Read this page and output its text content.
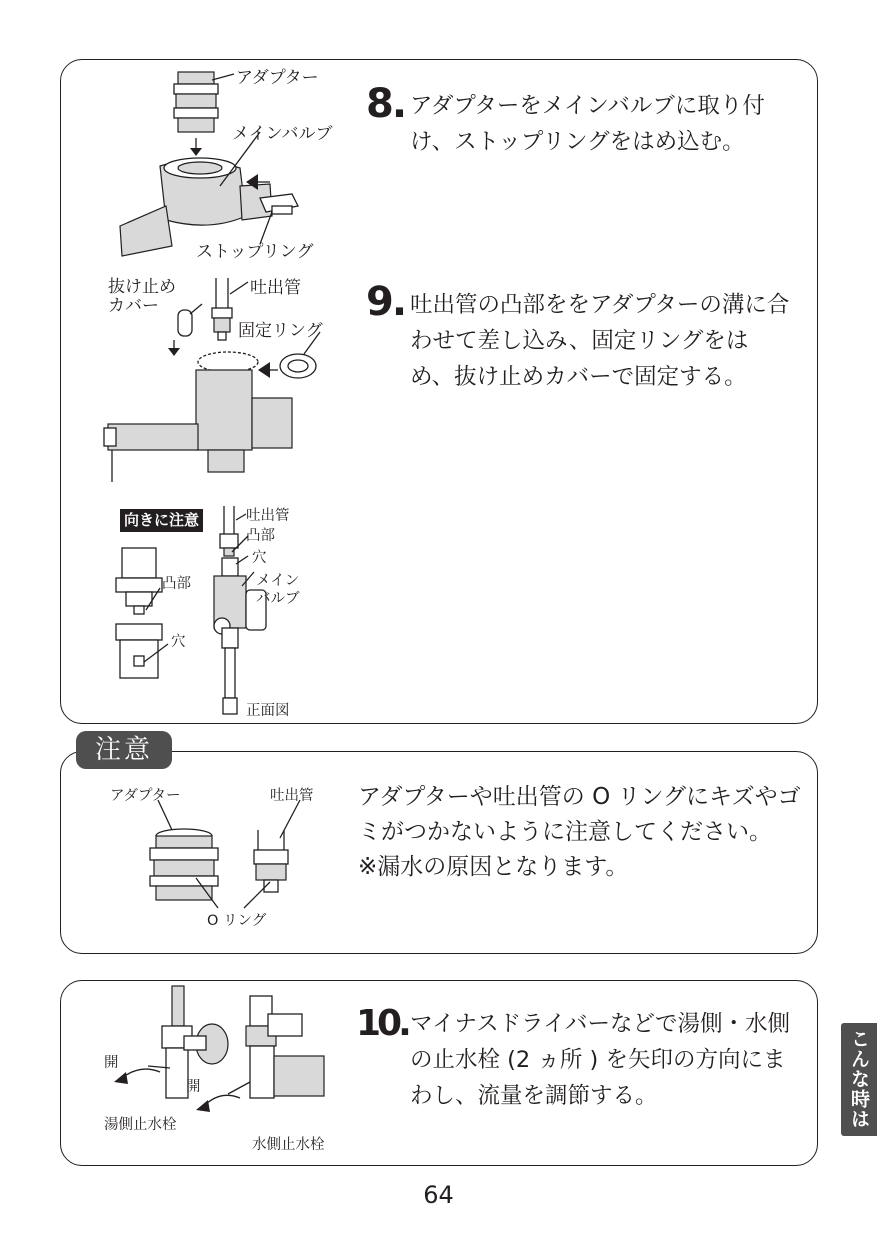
アダプター
メインバルブ
ストップリング
8. アダプターをメインバルブに取り付け、ストップリングをはめ込む。
抜け止め
カバー
吐出管
固定リング
9. 吐出管の凸部ををアダプターの溝に合わせて差し込み、固定リングをはめ、抜け止めカバーで固定する。
向きに注意	吐出管
凸部
穴
メイン
バルブ
凸部
穴
正面図
注意
アダプター	吐出管
O リング
アダプターや吐出管の O リングにキズやゴミがつかないように注意してください。
※漏水の原因となります。
開
開
湯側止水栓
水側止水栓
10. マイナスドライバーなどで湯側・水側の止水栓 (2 ヵ所 ) を矢印の方向にまわし、流量を調節する。	こんな時は
64
